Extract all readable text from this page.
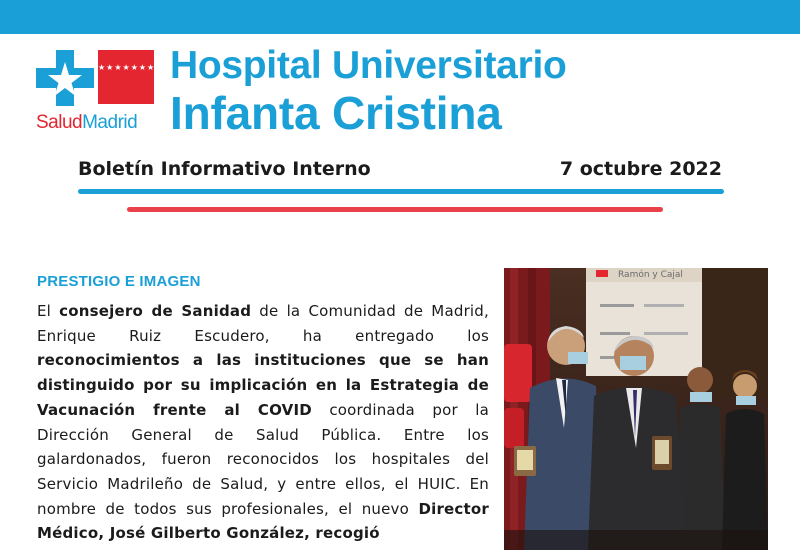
★★★★★★★
SaludMadrid
Hospital Universitario
Infanta Cristina
Boletín Informativo Interno	7 octubre 2022
PRESTIGIO E IMAGEN
El consejero de Sanidad de la Comunidad de Madrid, Enrique Ruiz Escudero, ha entregado los reconocimientos a las instituciones que se han distinguido por su implicación en la Estrategia de Vacunación frente al COVID coordinada por la Dirección General de Salud Pública. Entre los galardonados, fueron reconocidos los hospitales del Servicio Madrileño de Salud, y entre ellos, el HUIC. En nombre de todos sus profesionales, el nuevo Director Médico, José Gilberto González, recogió
Ramón y Cajal
